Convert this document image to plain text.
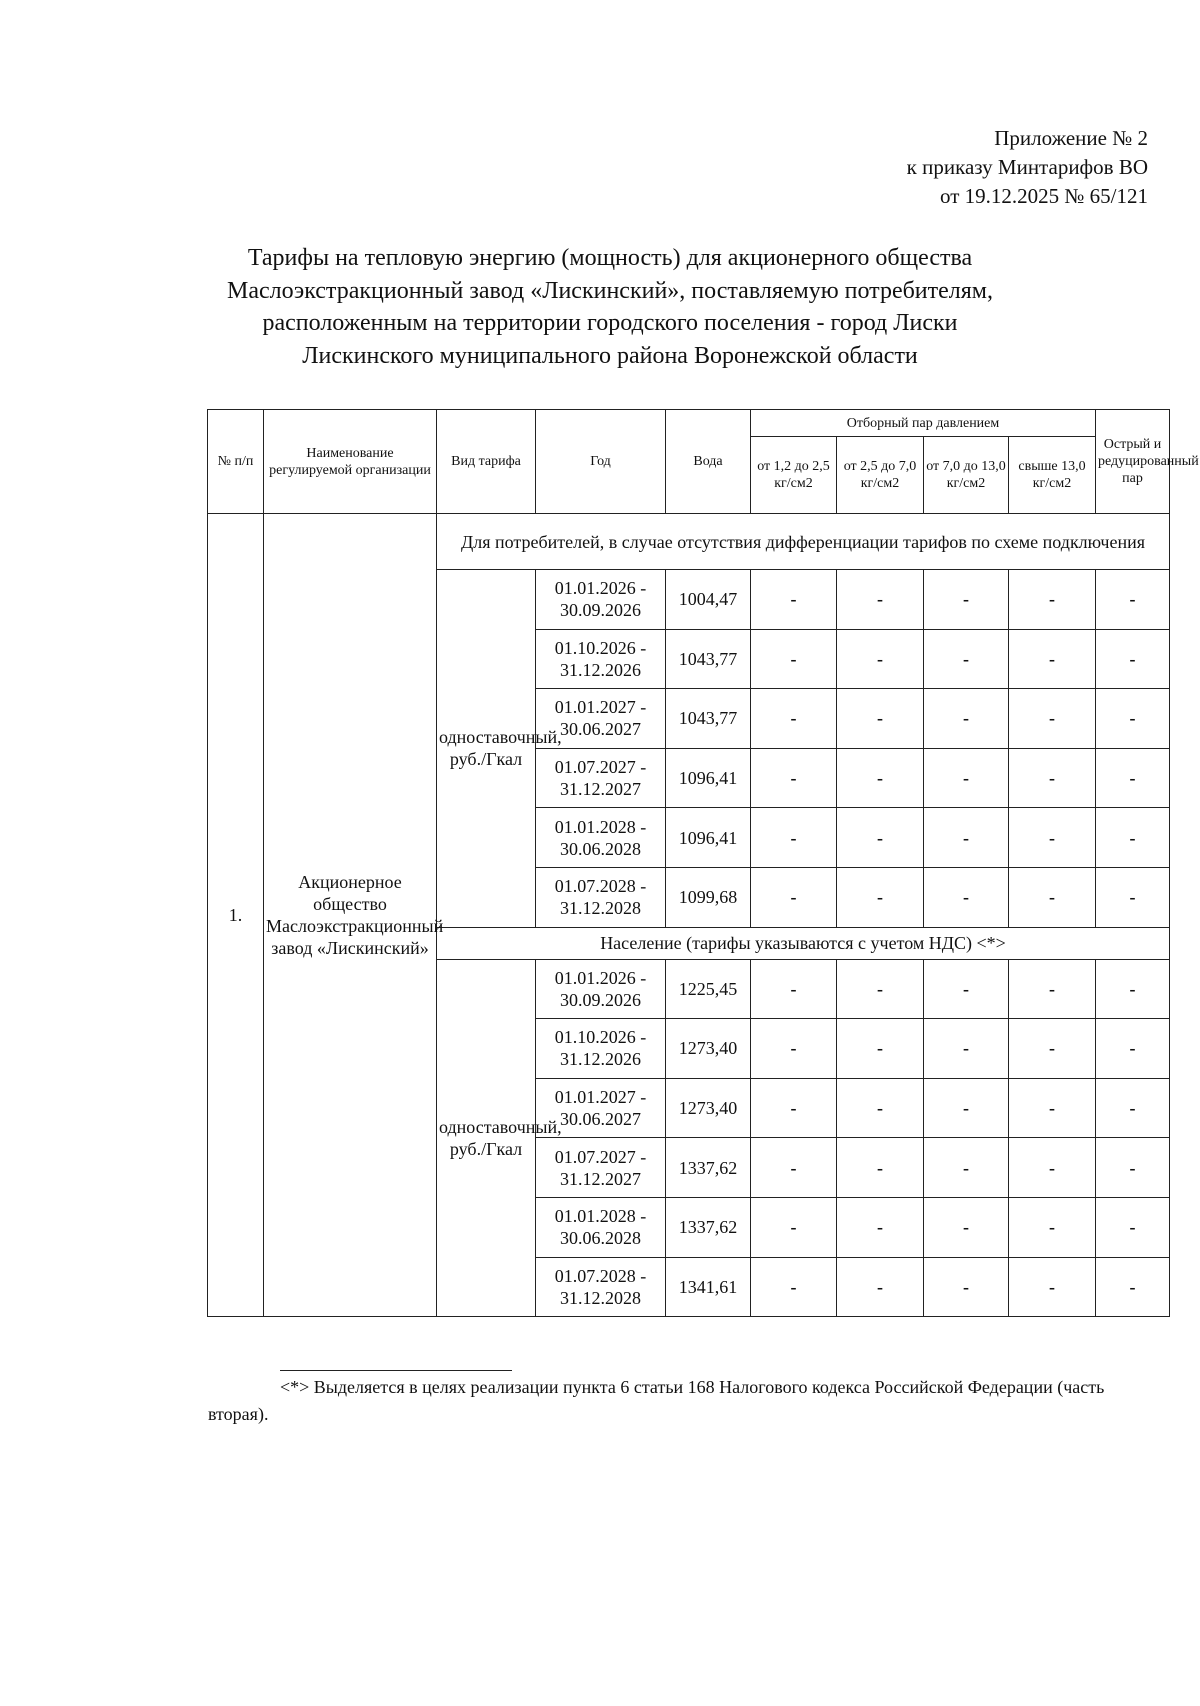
Приложение № 2
к приказу Минтарифов ВО
от 19.12.2025 № 65/121
Тарифы на тепловую энергию (мощность) для акционерного общества
Маслоэкстракционный завод «Лискинский», поставляемую потребителям,
расположенным на территории городского поселения - город Лиски
Лискинского муниципального района Воронежской области
№ п/п	Наименование регулируемой организации	Вид тарифа	Год	Вода	Отборный пар давлением				Острый и редуцированный пар
					от 1,2 до 2,5 кг/см2	от 2,5 до 7,0 кг/см2	от 7,0 до 13,0 кг/см2	свыше 13,0 кг/см2	
1.	Акционерное общество Маслоэкстракционный завод «Лискинский»	Для потребителей, в случае отсутствия дифференциации тарифов по схеме подключения							
		одноставочный, руб./Гкал	01.01.2026 - 30.09.2026	1004,47	-	-	-	-	-
			01.10.2026 - 31.12.2026	1043,77	-	-	-	-	-
			01.01.2027 - 30.06.2027	1043,77	-	-	-	-	-
			01.07.2027 - 31.12.2027	1096,41	-	-	-	-	-
			01.01.2028 - 30.06.2028	1096,41	-	-	-	-	-
			01.07.2028 - 31.12.2028	1099,68	-	-	-	-	-
		Население (тарифы указываются с учетом НДС) <*>							
		одноставочный, руб./Гкал	01.01.2026 - 30.09.2026	1225,45	-	-	-	-	-
			01.10.2026 - 31.12.2026	1273,40	-	-	-	-	-
			01.01.2027 - 30.06.2027	1273,40	-	-	-	-	-
			01.07.2027 - 31.12.2027	1337,62	-	-	-	-	-
			01.01.2028 - 30.06.2028	1337,62	-	-	-	-	-
			01.07.2028 - 31.12.2028	1341,61	-	-	-	-	-
<*> Выделяется в целях реализации пункта 6 статьи 168 Налогового кодекса Российской Федерации (часть вторая).
